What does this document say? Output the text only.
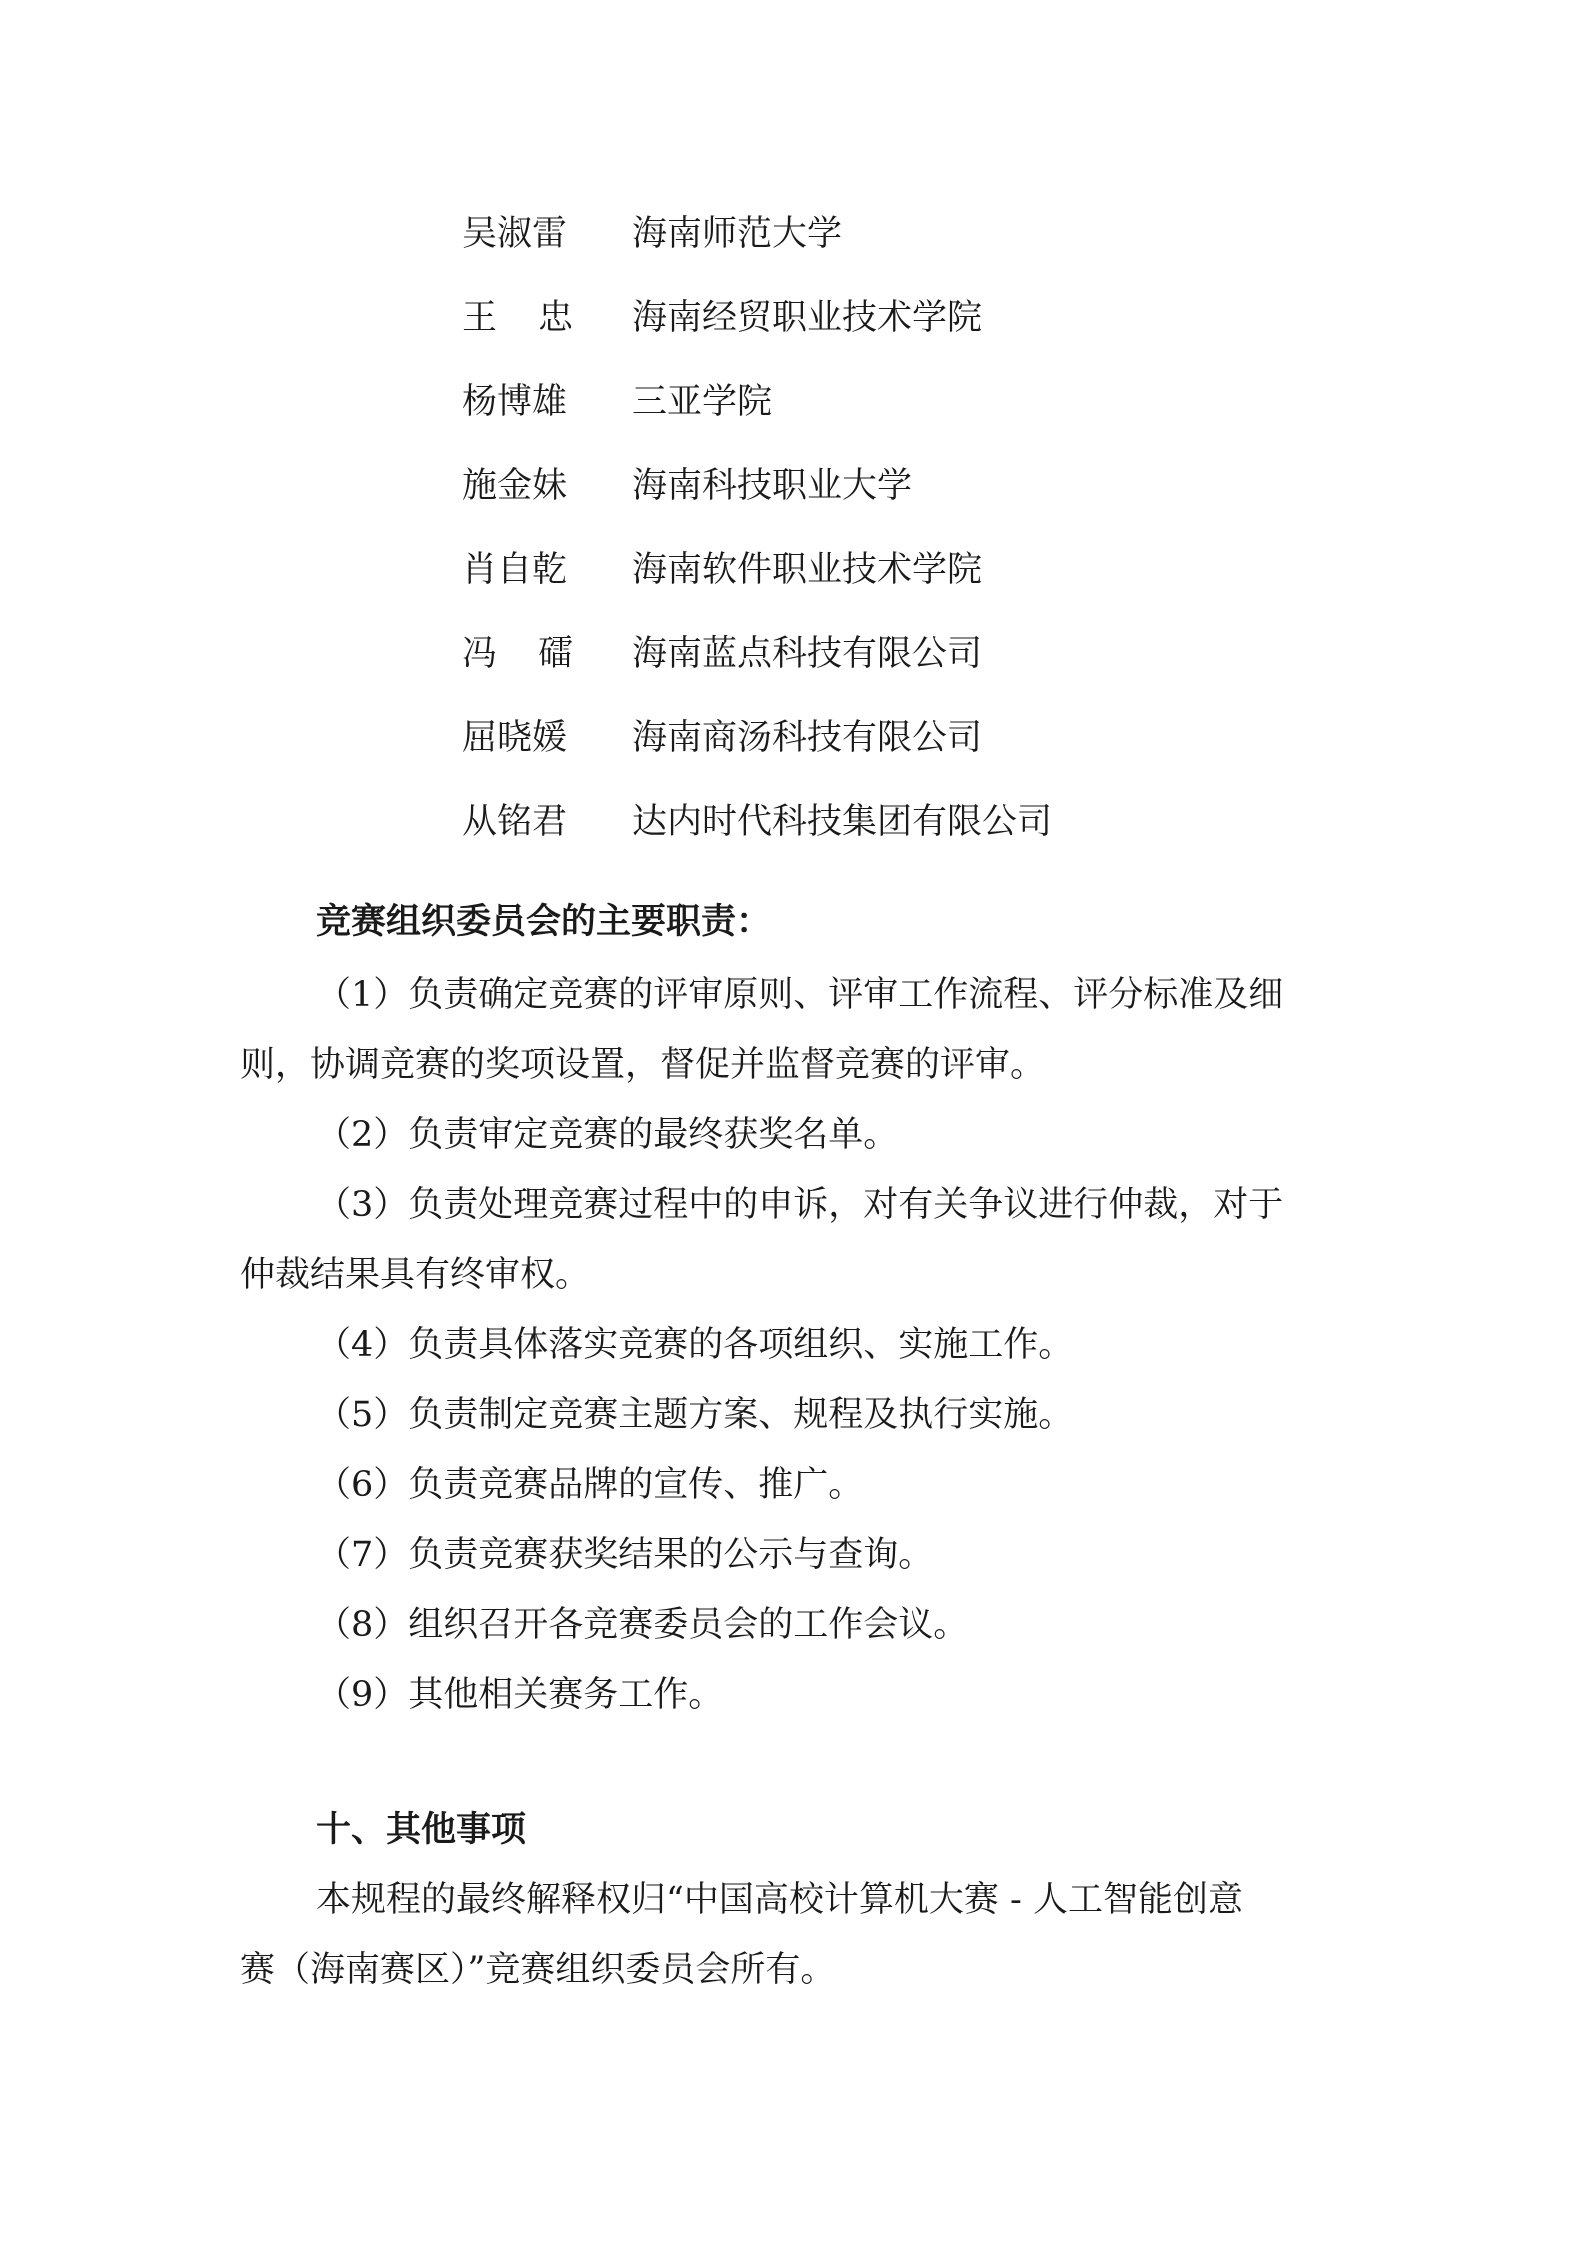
吴淑雷	海南师范大学
王 忠 海南经贸职业技术学院
杨博雄	三亚学院
施金妹	海南科技职业大学
肖自乾	海南软件职业技术学院
冯 礌 海南蓝点科技有限公司
屈晓媛	海南商汤科技有限公司
从铭君	达内时代科技集团有限公司
竞赛组织委员会的主要职责：
（1）负责确定竞赛的评审原则、评审工作流程、评分标准及细
则，协调竞赛的奖项设置，督促并监督竞赛的评审。
（2）负责审定竞赛的最终获奖名单。
（3）负责处理竞赛过程中的申诉，对有关争议进行仲裁，对于
仲裁结果具有终审权。
（4）负责具体落实竞赛的各项组织、实施工作。
（5）负责制定竞赛主题方案、规程及执行实施。
（6）负责竞赛品牌的宣传、推广。
（7）负责竞赛获奖结果的公示与查询。
（8）组织召开各竞赛委员会的工作会议。
（9）其他相关赛务工作。
十、其他事项
本规程的最终解释权归“中国高校计算机大赛 - 人工智能创意
赛（海南赛区）”竞赛组织委员会所有。
